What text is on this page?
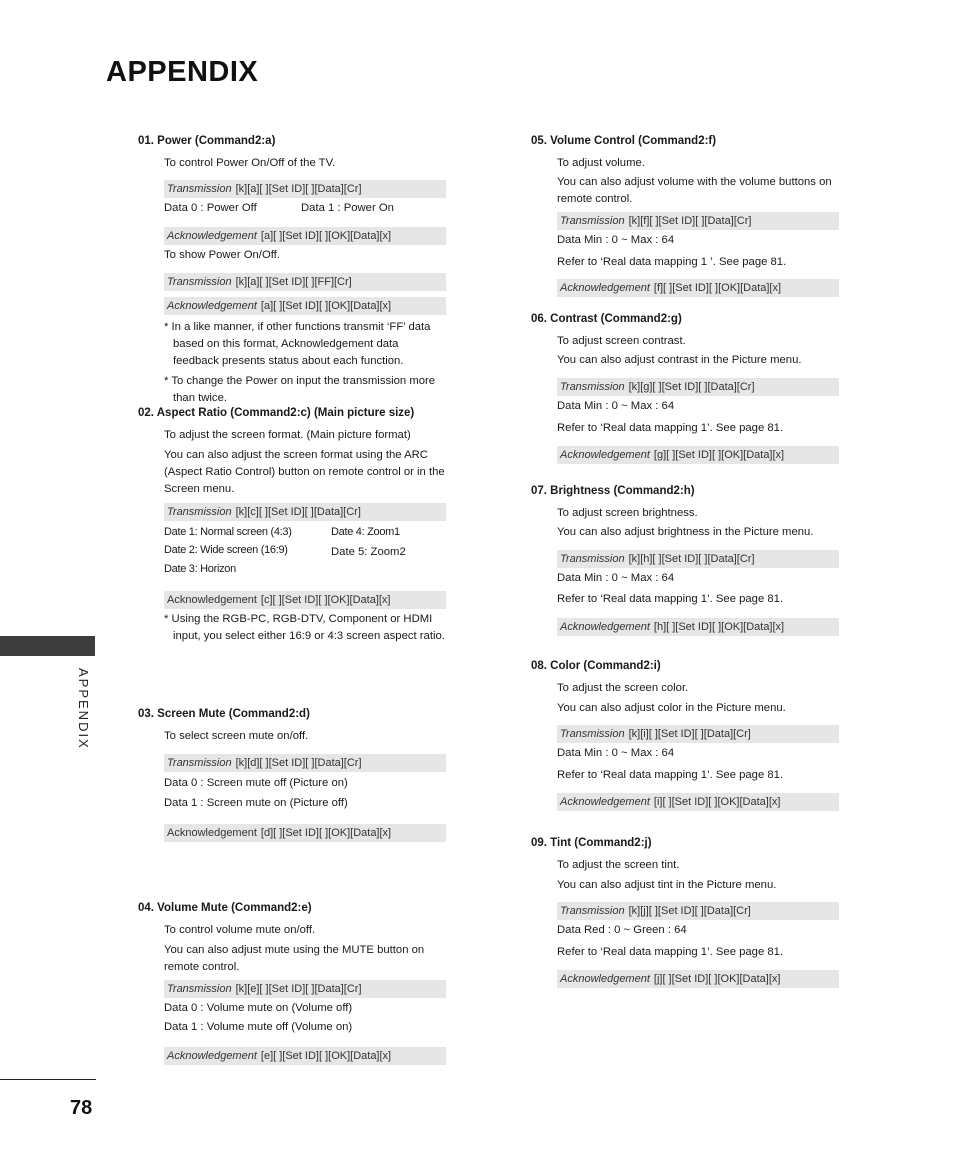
APPENDIX
APPENDIX
78
01. Power (Command2:a)
To control Power On/Off of the TV.
Transmission [k][a][ ][Set ID][ ][Data][Cr]
Data 0 : Power Off	Data 1 : Power On
Acknowledgement [a][ ][Set ID][ ][OK][Data][x]
To show Power On/Off.
Transmission [k][a][ ][Set ID][ ][FF][Cr]
Acknowledgement [a][ ][Set ID][ ][OK][Data][x]
* In a like manner, if other functions transmit ‘FF’ data based on this format, Acknowledgement data feedback presents status about each function.
* To change the Power on input the transmission more than twice.
02. Aspect Ratio (Command2:c) (Main picture size)
To adjust the screen format. (Main picture format)
You can also adjust the screen format using the ARC (Aspect Ratio Control) button on remote control or in the Screen menu.
Transmission [k][c][ ][Set ID][ ][Data][Cr]
Date 1: Normal screen (4:3)
Date 2: Wide screen (16:9)
Date 3: Horizon
Date 4: Zoom1
Date 5: Zoom2
Acknowledgement [c][ ][Set ID][ ][OK][Data][x]
* Using the RGB-PC, RGB-DTV, Component or HDMI input, you select either 16:9 or 4:3 screen aspect ratio.
03. Screen Mute (Command2:d)
To select screen mute on/off.
Transmission [k][d][ ][Set ID][ ][Data][Cr]
Data 0 : Screen mute off (Picture on)
Data 1 : Screen mute on (Picture off)
Acknowledgement [d][ ][Set ID][ ][OK][Data][x]
04. Volume Mute (Command2:e)
To control volume mute on/off.
You can also adjust mute using the MUTE button on remote control.
Transmission [k][e][ ][Set ID][ ][Data][Cr]
Data 0 : Volume mute on (Volume off)
Data 1 : Volume mute off (Volume on)
Acknowledgement [e][ ][Set ID][ ][OK][Data][x]
05. Volume Control (Command2:f)
To adjust volume.
You can also adjust volume with the volume buttons on remote control.
Transmission [k][f][ ][Set ID][ ][Data][Cr]
Data Min : 0 ~ Max : 64
Refer to ‘Real data mapping 1 ’. See page 81.
Acknowledgement [f][ ][Set ID][ ][OK][Data][x]
06. Contrast (Command2:g)
To adjust screen contrast.
You can also adjust contrast in the Picture menu.
Transmission [k][g][ ][Set ID][ ][Data][Cr]
Data Min : 0 ~ Max : 64
Refer to ‘Real data mapping 1’. See page 81.
Acknowledgement [g][ ][Set ID][ ][OK][Data][x]
07. Brightness (Command2:h)
To adjust screen brightness.
You can also adjust brightness in the Picture menu.
Transmission [k][h][ ][Set ID][ ][Data][Cr]
Data Min : 0 ~ Max : 64
Refer to ‘Real data mapping 1’. See page 81.
Acknowledgement [h][ ][Set ID][ ][OK][Data][x]
08. Color (Command2:i)
To adjust the screen color.
You can also adjust color in the Picture menu.
Transmission [k][i][ ][Set ID][ ][Data][Cr]
Data Min : 0 ~ Max : 64
Refer to ‘Real data mapping 1’. See page 81.
Acknowledgement [i][ ][Set ID][ ][OK][Data][x]
09. Tint (Command2:j)
To adjust the screen tint.
You can also adjust tint in the Picture menu.
Transmission [k][j][ ][Set ID][ ][Data][Cr]
Data Red : 0 ~ Green : 64
Refer to ‘Real data mapping 1’. See page 81.
Acknowledgement [j][ ][Set ID][ ][OK][Data][x]
